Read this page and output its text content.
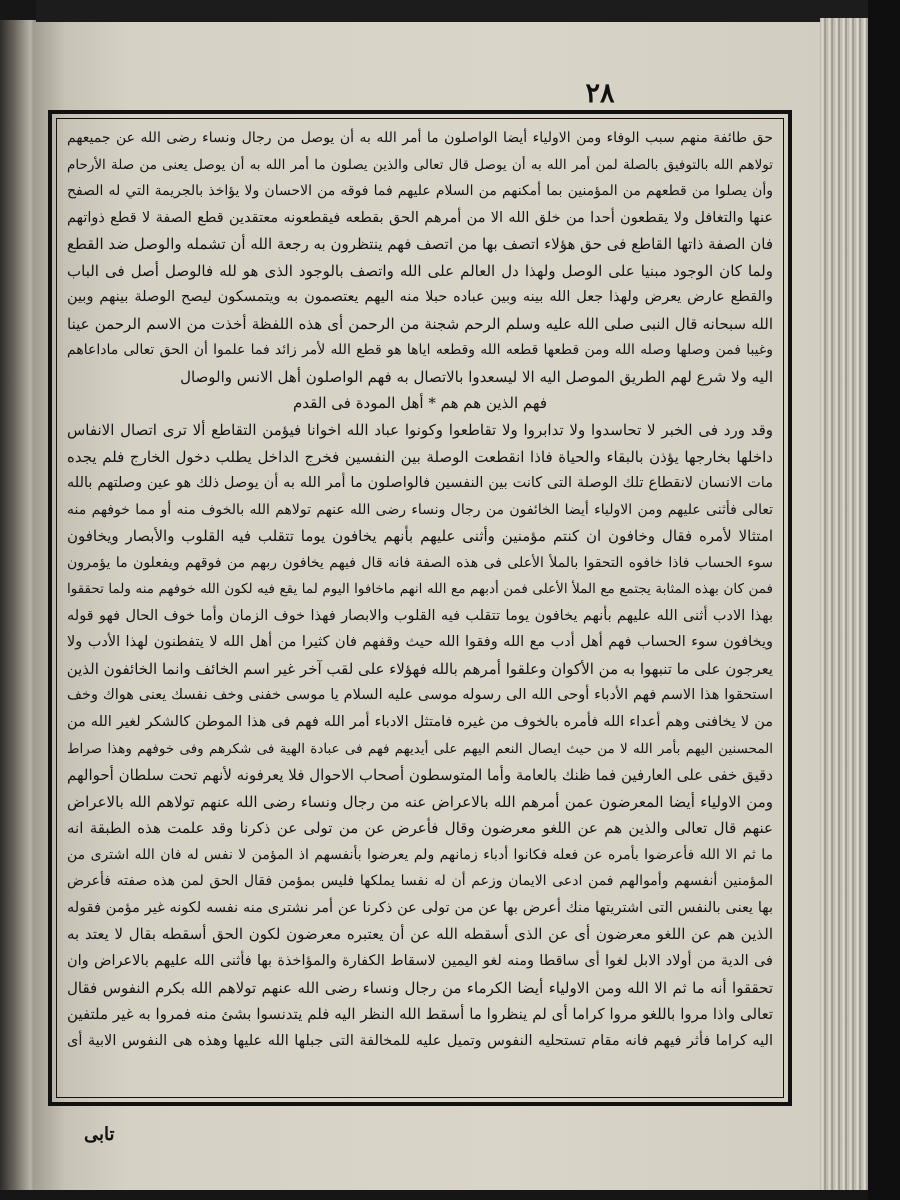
٢٨
حق طائفة منهم سبب الوفاء ومن الاولياء أيضا الواصلون ما أمر الله به أن يوصل من رجال ونساء رضى الله عن جميعهم
تولاهم الله بالتوفيق بالصلة لمن أمر الله به أن يوصل قال تعالى والذين يصلون ما أمر الله به أن يوصل يعنى من صلة الأرحام
وأن يصلوا من قطعهم من المؤمنين بما أمكنهم من السلام عليهم فما فوقه من الاحسان ولا يؤاخذ بالجريمة التي له الصفح
عنها والتغافل ولا يقطعون أحدا من خلق الله الا من أمرهم الحق بقطعه فيقطعونه معتقدين قطع الصفة لا قطع ذواتهم
فان الصفة ذاتها القاطع فى حق هؤلاء اتصف بها من اتصف فهم ينتظرون به رجعة الله أن تشمله والوصل ضد القطع
ولما كان الوجود مبنيا على الوصل ولهذا دل العالم على الله واتصف بالوجود الذى هو لله فالوصل أصل فى الباب
والقطع عارض يعرض ولهذا جعل الله بينه وبين عباده حبلا منه اليهم يعتصمون به ويتمسكون ليصح الوصلة بينهم وبين
الله سبحانه قال النبى صلى الله عليه وسلم الرحم شجنة من الرحمن أى هذه اللفظة أخذت من الاسم الرحمن عينا
وغيبا فمن وصلها وصله الله ومن قطعها قطعه الله وقطعه اياها هو قطع الله لأمر زائد فما علموا أن الحق تعالى ماداعاهم
اليه ولا شرع لهم الطريق الموصل اليه الا ليسعدوا بالاتصال به فهم الواصلون أهل الانس والوصال
فهم الذين هم هم * أهل المودة فى القدم
وقد ورد فى الخبر لا تحاسدوا ولا تدابروا ولا تقاطعوا وكونوا عباد الله اخوانا فيؤمن التقاطع ألا ترى اتصال الانفاس
داخلها بخارجها يؤذن بالبقاء والحياة فاذا انقطعت الوصلة بين النفسين فخرج الداخل يطلب دخول الخارج فلم يجده
مات الانسان لانقطاع تلك الوصلة التى كانت بين النفسين فالواصلون ما أمر الله به أن يوصل ذلك هو عين وصلتهم بالله
تعالى فأثنى عليهم ومن الاولياء أيضا الخائفون من رجال ونساء رضى الله عنهم تولاهم الله بالخوف منه أو مما خوفهم منه
امتثالا لأمره فقال وخافون ان كنتم مؤمنين وأثنى عليهم بأنهم يخافون يوما تتقلب فيه القلوب والأبصار ويخافون
سوء الحساب فاذا خافوه التحقوا بالملأ الأعلى فى هذه الصفة فانه قال فيهم يخافون ربهم من فوقهم ويفعلون ما يؤمرون
فمن كان بهذه المثابة يجتمع مع الملأ الأعلى فمن أدبهم مع الله انهم ماخافوا اليوم لما يقع فيه لكون الله خوفهم منه ولما تحققوا
بهذا الادب أثنى الله عليهم بأنهم يخافون يوما تتقلب فيه القلوب والابصار فهذا خوف الزمان وأما خوف الحال فهو قوله
ويخافون سوء الحساب فهم أهل أدب مع الله وفقوا الله حيث وقفهم فان كثيرا من أهل الله لا يتفطنون لهذا الأدب ولا
يعرجون على ما تنبهوا به من الأكوان وعلقوا أمرهم بالله فهؤلاء على لقب آخر غير اسم الخائف وانما الخائفون الذين
استحقوا هذا الاسم فهم الأدباء أوحى الله الى رسوله موسى عليه السلام يا موسى خفنى وخف نفسك يعنى هواك وخف
من لا يخافنى وهم أعداء الله فأمره بالخوف من غيره فامتثل الادباء أمر الله فهم فى هذا الموطن كالشكر لغير الله من
المحسنين اليهم بأمر الله لا من حيث ايصال النعم اليهم على أيديهم فهم فى عبادة الهية فى شكرهم وفى خوفهم وهذا صراط
دقيق خفى على العارفين فما ظنك بالعامة وأما المتوسطون أصحاب الاحوال فلا يعرفونه لأنهم تحت سلطان أحوالهم
ومن الاولياء أيضا المعرضون عمن أمرهم الله بالاعراض عنه من رجال ونساء رضى الله عنهم تولاهم الله بالاعراض
عنهم قال تعالى والذين هم عن اللغو معرضون وقال فأعرض عن من تولى عن ذكرنا وقد علمت هذه الطبقة انه
ما ثم الا الله فأعرضوا بأمره عن فعله فكانوا أدباء زمانهم ولم يعرضوا بأنفسهم اذ المؤمن لا نفس له فان الله اشترى من
المؤمنين أنفسهم وأموالهم فمن ادعى الايمان وزعم أن له نفسا يملكها فليس بمؤمن فقال الحق لمن هذه صفته فأعرض
بها يعنى بالنفس التى اشتريتها منك أعرض بها عن من تولى عن ذكرنا عن أمر نشترى منه نفسه لكونه غير مؤمن فقوله
الذين هم عن اللغو معرضون أى عن الذى أسقطه الله عن أن يعتبره معرضون لكون الحق أسقطه بقال لا يعتد به
فى الدية من أولاد الابل لغوا أى ساقطا ومنه لغو اليمين لاسقاط الكفارة والمؤاخذة بها فأثنى الله عليهم بالاعراض وان
تحققوا أنه ما ثم الا الله ومن الاولياء أيضا الكرماء من رجال ونساء رضى الله عنهم تولاهم الله بكرم النفوس فقال
تعالى واذا مروا باللغو مروا كراما أى لم ينظروا ما أسقط الله النظر اليه فلم يتدنسوا بشئ منه فمروا به غير ملتفين
اليه كراما فأثر فيهم فانه مقام تستحليه النفوس وتميل عليه للمخالفة التى جبلها الله عليها وهذه هى النفوس الابية أى
تابى
